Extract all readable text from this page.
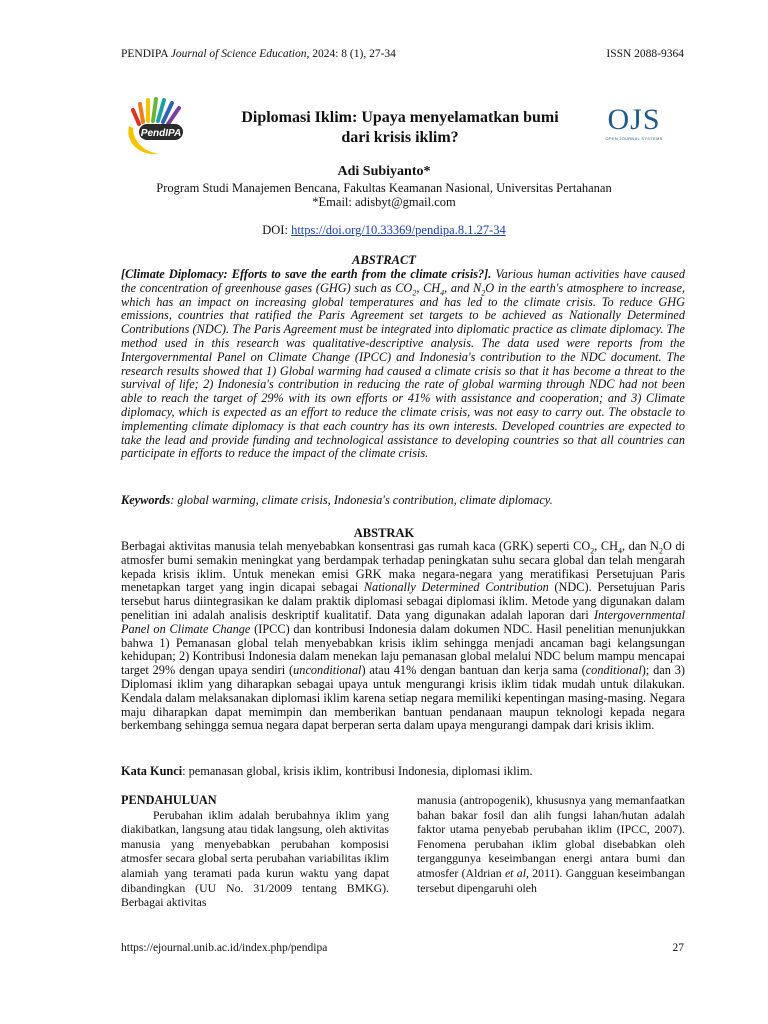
PENDIPA Journal of Science Education, 2024: 8 (1), 27-34	ISSN 2088-9364
PendIPA	OJS
OPEN JOURNAL SYSTEMS
Diplomasi Iklim: Upaya menyelamatkan bumi
dari krisis iklim?
Adi Subiyanto*
Program Studi Manajemen Bencana, Fakultas Keamanan Nasional, Universitas Pertahanan
*Email: adisbyt@gmail.com
DOI: https://doi.org/10.33369/pendipa.8.1.27-34
ABSTRACT
[Climate Diplomacy: Efforts to save the earth from the climate crisis?]. Various human activities have caused the concentration of greenhouse gases (GHG) such as $CO_2$, $CH_4$, and $N_2O$ in the earth's atmosphere to increase, which has an impact on increasing global temperatures and has led to the climate crisis. To reduce GHG emissions, countries that ratified the Paris Agreement set targets to be achieved as Nationally Determined Contributions (NDC). The Paris Agreement must be integrated into diplomatic practice as climate diplomacy. The method used in this research was qualitative-descriptive analysis. The data used were reports from the Intergovernmental Panel on Climate Change (IPCC) and Indonesia's contribution to the NDC document. The research results showed that 1) Global warming had caused a climate crisis so that it has become a threat to the survival of life; 2) Indonesia's contribution in reducing the rate of global warming through NDC had not been able to reach the target of 29% with its own efforts or 41% with assistance and cooperation; and 3) Climate diplomacy, which is expected as an effort to reduce the climate crisis, was not easy to carry out. The obstacle to implementing climate diplomacy is that each country has its own interests. Developed countries are expected to take the lead and provide funding and technological assistance to developing countries so that all countries can participate in efforts to reduce the impact of the climate crisis.
Keywords: global warming, climate crisis, Indonesia's contribution, climate diplomacy.
ABSTRAK
Berbagai aktivitas manusia telah menyebabkan konsentrasi gas rumah kaca (GRK) seperti $CO_2$, $CH_4$, dan $N_2O$ di atmosfer bumi semakin meningkat yang berdampak terhadap peningkatan suhu secara global dan telah mengarah kepada krisis iklim. Untuk menekan emisi GRK maka negara-negara yang meratifikasi Persetujuan Paris menetapkan target yang ingin dicapai sebagai Nationally Determined Contribution (NDC). Persetujuan Paris tersebut harus diintegrasikan ke dalam praktik diplomasi sebagai diplomasi iklim. Metode yang digunakan dalam penelitian ini adalah analisis deskriptif kualitatif. Data yang digunakan adalah laporan dari Intergovernmental Panel on Climate Change (IPCC) dan kontribusi Indonesia dalam dokumen NDC. Hasil penelitian menunjukkan bahwa 1) Pemanasan global telah menyebabkan krisis iklim sehingga menjadi ancaman bagi kelangsungan kehidupan; 2) Kontribusi Indonesia dalam menekan laju pemanasan global melalui NDC belum mampu mencapai target 29% dengan upaya sendiri (unconditional) atau 41% dengan bantuan dan kerja sama (conditional); dan 3) Diplomasi iklim yang diharapkan sebagai upaya untuk mengurangi krisis iklim tidak mudah untuk dilakukan. Kendala dalam melaksanakan diplomasi iklim karena setiap negara memiliki kepentingan masing-masing. Negara maju diharapkan dapat memimpin dan memberikan bantuan pendanaan maupun teknologi kepada negara berkembang sehingga semua negara dapat berperan serta dalam upaya mengurangi dampak dari krisis iklim.
Kata Kunci: pemanasan global, krisis iklim, kontribusi Indonesia, diplomasi iklim.
PENDAHULUAN
Perubahan iklim adalah berubahnya iklim yang diakibatkan, langsung atau tidak langsung, oleh aktivitas manusia yang menyebabkan perubahan komposisi atmosfer secara global serta perubahan variabilitas iklim alamiah yang teramati pada kurun waktu yang dapat dibandingkan (UU No. 31/2009 tentang BMKG). Berbagai aktivitas
manusia (antropogenik), khususnya yang memanfaatkan bahan bakar fosil dan alih fungsi lahan/hutan adalah faktor utama penyebab perubahan iklim (IPCC, 2007). Fenomena perubahan iklim global disebabkan oleh terganggunya keseimbangan energi antara bumi dan atmosfer (Aldrian et al, 2011). Gangguan keseimbangan tersebut dipengaruhi oleh
https://ejournal.unib.ac.id/index.php/pendipa	27
